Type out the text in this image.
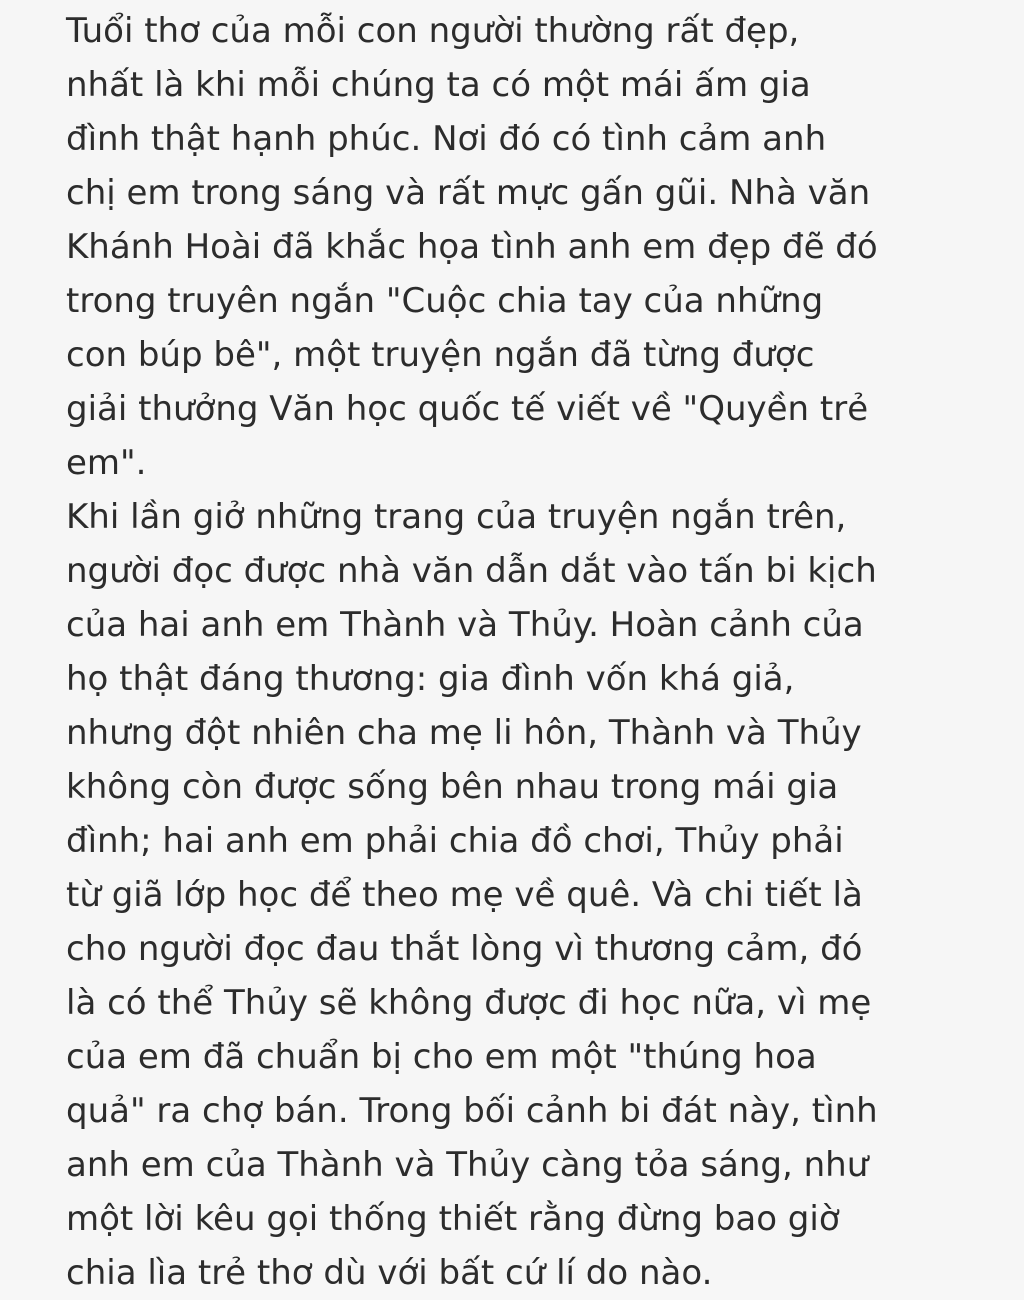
Tuổi thơ của mỗi con người thường rất đẹp,
nhất là khi mỗi chúng ta có một mái ấm gia
đình thật hạnh phúc. Nơi đó có tình cảm anh
chị em trong sáng và rất mực gấn gũi. Nhà văn
Khánh Hoài đã khắc họa tình anh em đẹp đẽ đó
trong truyên ngắn "Cuộc chia tay của những
con búp bê", một truyện ngắn đã từng được
giải thưởng Văn học quốc tế viết về "Quyền trẻ
em".
Khi lần giở những trang của truyện ngắn trên,
người đọc được nhà văn dẫn dắt vào tấn bi kịch
của hai anh em Thành và Thủy. Hoàn cảnh của
họ thật đáng thương: gia đình vốn khá giả,
nhưng đột nhiên cha mẹ li hôn, Thành và Thủy
không còn được sống bên nhau trong mái gia
đình; hai anh em phải chia đồ chơi, Thủy phải
từ giã lớp học để theo mẹ về quê. Và chi tiết là
cho người đọc đau thắt lòng vì thương cảm, đó
là có thể Thủy sẽ không được đi học nữa, vì mẹ
của em đã chuẩn bị cho em một "thúng hoa
quả" ra chợ bán. Trong bối cảnh bi đát này, tình
anh em của Thành và Thủy càng tỏa sáng, như
một lời kêu gọi thống thiết rằng đừng bao giờ
chia lìa trẻ thơ dù với bất cứ lí do nào.
